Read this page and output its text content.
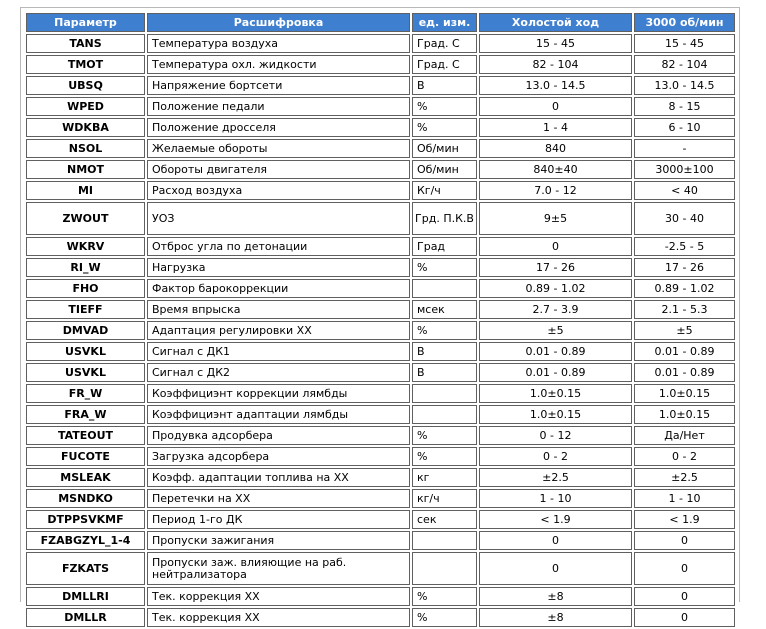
Параметр	Расшифровка	ед. изм.	Холостой ход	3000 об/мин
TANS	Температура воздуха	Град. С	15 - 45	15 - 45
TMOT	Температура охл. жидкости	Град. С	82 - 104	82 - 104
UBSQ	Напряжение бортсети	В	13.0 - 14.5	13.0 - 14.5
WPED	Положение педали	%	0	8 - 15
WDKBA	Положение дросселя	%	1 - 4	6 - 10
NSOL	Желаемые обороты	Об/мин	840	-
NMOT	Обороты двигателя	Об/мин	840±40	3000±100
MI	Расход воздуха	Кг/ч	7.0 - 12	< 40
ZWOUT	УОЗ	Грд. П.К.В	9±5	30 - 40
WKRV	Отброс угла по детонации	Град	0	-2.5 - 5
RI_W	Нагрузка	%	17 - 26	17 - 26
FHO	Фактор барокоррекции		0.89 - 1.02	0.89 - 1.02
TIEFF	Время впрыска	мсек	2.7 - 3.9	2.1 - 5.3
DMVAD	Адаптация регулировки ХХ	%	±5	±5
USVKL	Сигнал с ДК1	В	0.01 - 0.89	0.01 - 0.89
USVKL	Сигнал с ДК2	В	0.01 - 0.89	0.01 - 0.89
FR_W	Коэффициэнт коррекции лямбды		1.0±0.15	1.0±0.15
FRA_W	Коэффициэнт адаптации лямбды		1.0±0.15	1.0±0.15
TATEOUT	Продувка адсорбера	%	0 - 12	Да/Нет
FUCOTE	Загрузка адсорбера	%	0 - 2	0 - 2
MSLEAK	Коэфф. адаптации топлива на ХХ	кг	±2.5	±2.5
MSNDKO	Перетечки на ХХ	кг/ч	1 - 10	1 - 10
DTPPSVKMF	Период 1-го ДК	сек	< 1.9	< 1.9
FZABGZYL_1-4	Пропуски зажигания		0	0
FZKATS	Пропуски заж. влияющие на раб. нейтрализатора		0	0
DMLLRI	Тек. коррекция ХХ	%	±8	0
DMLLR	Тек. коррекция ХХ	%	±8	0
